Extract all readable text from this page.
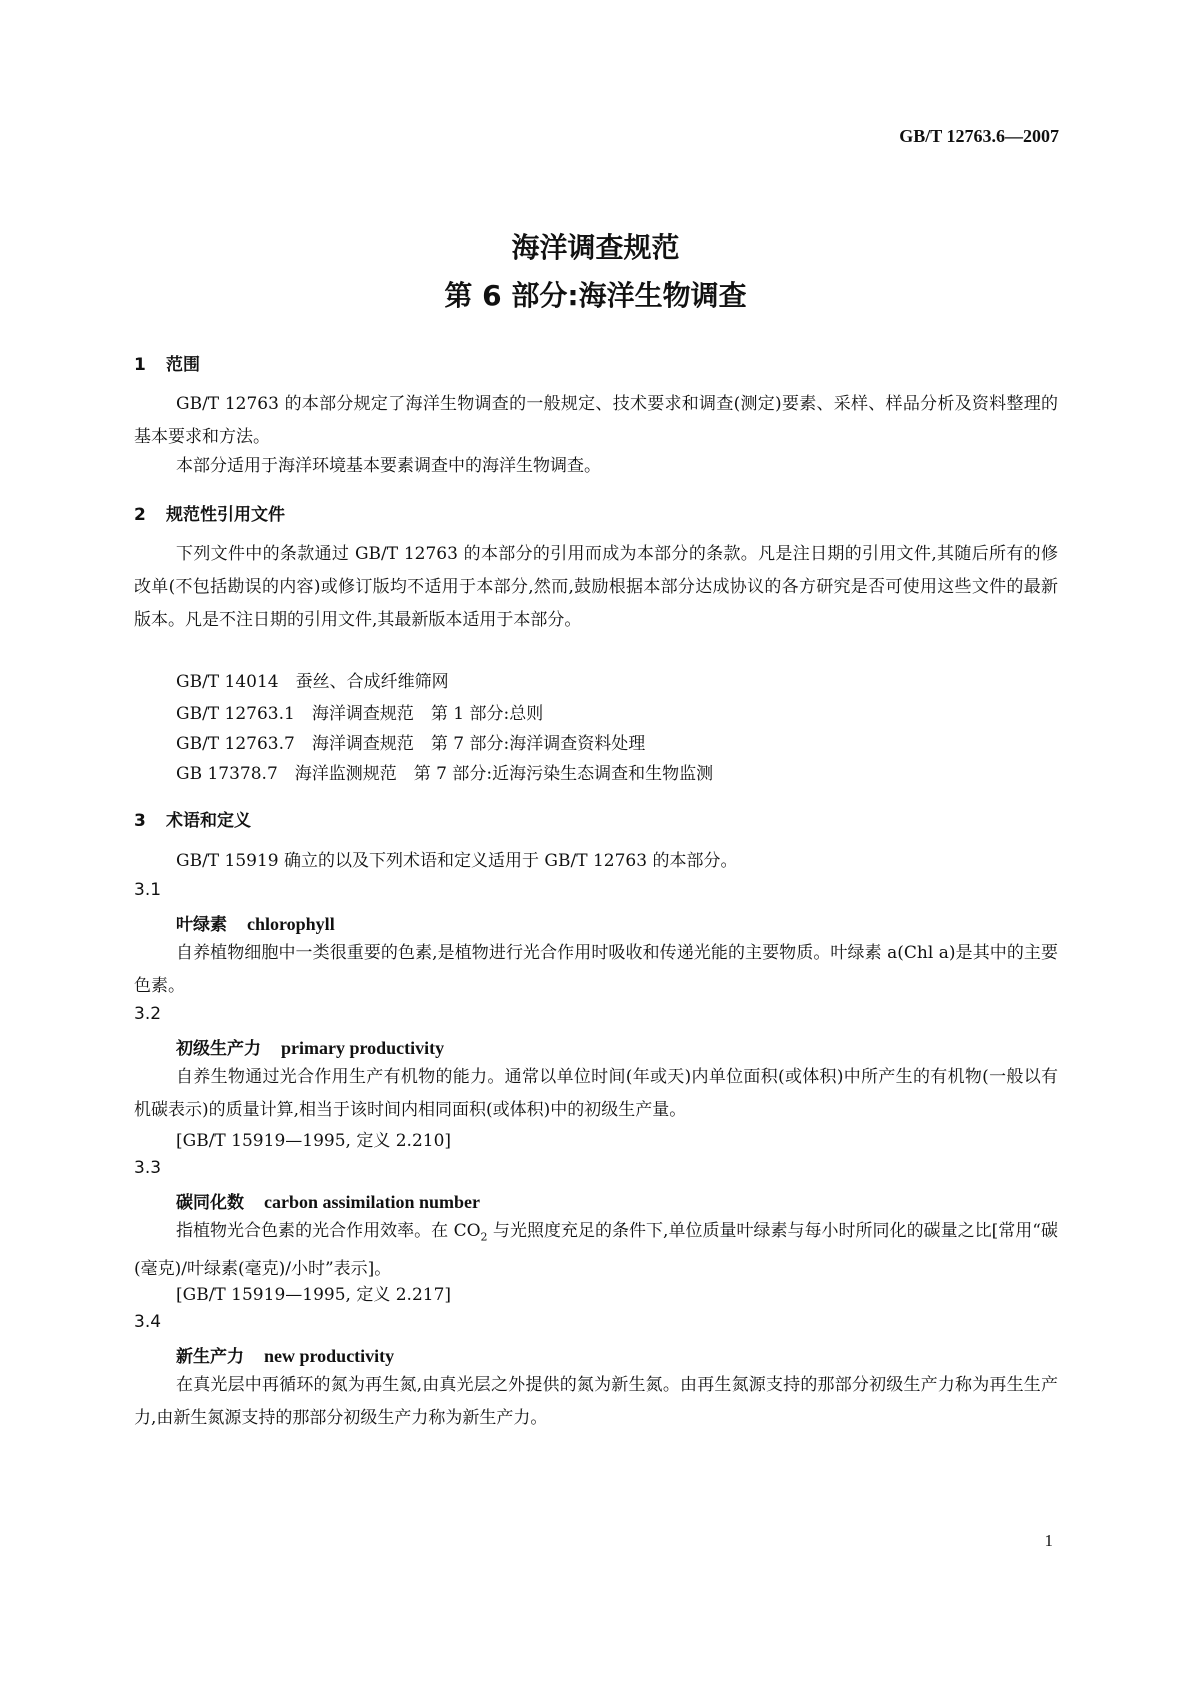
GB/T 12763.6—2007
海洋调查规范
第 6 部分:海洋生物调查
1 范围
GB/T 12763 的本部分规定了海洋生物调查的一般规定、技术要求和调查(测定)要素、采样、样品分析及资料整理的基本要求和方法。
本部分适用于海洋环境基本要素调查中的海洋生物调查。
2 规范性引用文件
下列文件中的条款通过 GB/T 12763 的本部分的引用而成为本部分的条款。凡是注日期的引用文件,其随后所有的修改单(不包括勘误的内容)或修订版均不适用于本部分,然而,鼓励根据本部分达成协议的各方研究是否可使用这些文件的最新版本。凡是不注日期的引用文件,其最新版本适用于本部分。
GB/T 14014　蚕丝、合成纤维筛网
GB/T 12763.1　海洋调查规范　第 1 部分:总则
GB/T 12763.7　海洋调查规范　第 7 部分:海洋调查资料处理
GB 17378.7　海洋监测规范　第 7 部分:近海污染生态调查和生物监测
3 术语和定义
GB/T 15919 确立的以及下列术语和定义适用于 GB/T 12763 的本部分。
3.1
叶绿素 chlorophyll
自养植物细胞中一类很重要的色素,是植物进行光合作用时吸收和传递光能的主要物质。叶绿素 a(Chl a)是其中的主要色素。
3.2
初级生产力 primary productivity
自养生物通过光合作用生产有机物的能力。通常以单位时间(年或天)内单位面积(或体积)中所产生的有机物(一般以有机碳表示)的质量计算,相当于该时间内相同面积(或体积)中的初级生产量。
[GB/T 15919—1995, 定义 2.210]
3.3
碳同化数 carbon assimilation number
指植物光合色素的光合作用效率。在 $CO_2$ 与光照度充足的条件下,单位质量叶绿素与每小时所同化的碳量之比[常用“碳(毫克)/叶绿素(毫克)/小时”表示]。
[GB/T 15919—1995, 定义 2.217]
3.4
新生产力 new productivity
在真光层中再循环的氮为再生氮,由真光层之外提供的氮为新生氮。由再生氮源支持的那部分初级生产力称为再生生产力,由新生氮源支持的那部分初级生产力称为新生产力。
1
